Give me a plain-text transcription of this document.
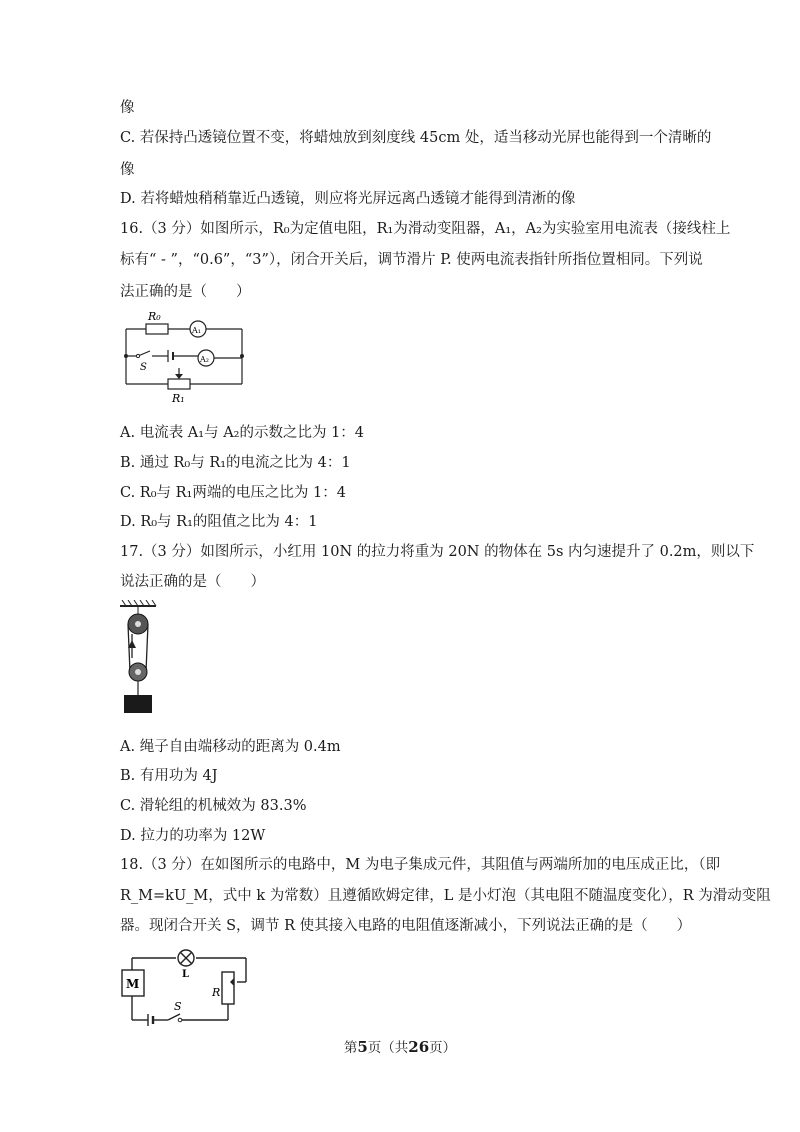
像
C. 若保持凸透镜位置不变，将蜡烛放到刻度线 45cm 处，适当移动光屏也能得到一个清晰的
像
D. 若将蜡烛稍稍靠近凸透镜，则应将光屏远离凸透镜才能得到清淅的像
16.（3 分）如图所示，R₀为定值电阻，R₁为滑动变阻器，A₁，A₂为实验室用电流表（接线柱上
标有“ - ”，“0.6”，“3”），闭合开关后，调节滑片 P. 使两电流表指针所指位置相同。下列说
法正确的是（　　）
R₀
A₁
A₂
S
R₁
A. 电流表 A₁与 A₂的示数之比为 1：4
B. 通过 R₀与 R₁的电流之比为 4：1
C. R₀与 R₁两端的电压之比为 1：4
D. R₀与 R₁的阻值之比为 4：1
17.（3 分）如图所示，小红用 10N 的拉力将重为 20N 的物体在 5s 内匀速提升了 0.2m，则以下
说法正确的是（　　）
A. 绳子自由端移动的距离为 0.4m
B. 有用功为 4J
C. 滑轮组的机械效为 83.3%
D. 拉力的功率为 12W
18.（3 分）在如图所示的电路中，M 为电子集成元件，其阻值与两端所加的电压成正比，（即
R_M=kU_M，式中 k 为常数）且遵循欧姆定律，L 是小灯泡（其电阻不随温度变化），R 为滑动变阻
器。现闭合开关 S，调节 R 使其接入电路的电阻值逐渐减小，下列说法正确的是（　　）
M
L
R
S
第5页（共26页）
